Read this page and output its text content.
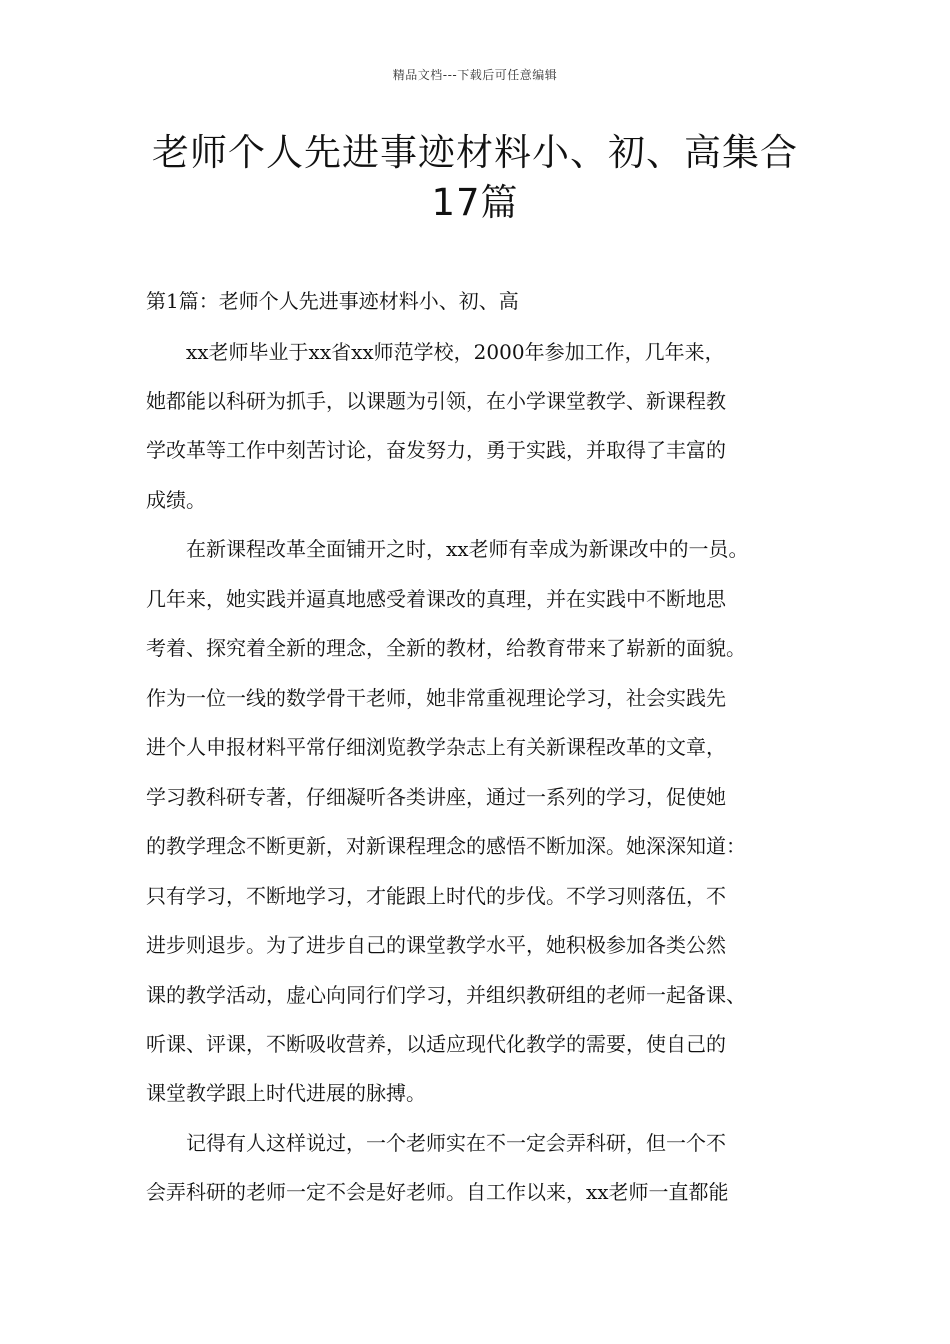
精品文档---下载后可任意编辑
老师个人先进事迹材料小、初、高集合
17篇
第1篇：老师个人先进事迹材料小、初、高
　　xx老师毕业于xx省xx师范学校，2000年参加工作，几年来，
她都能以科研为抓手，以课题为引领，在小学课堂教学、新课程教
学改革等工作中刻苦讨论，奋发努力，勇于实践，并取得了丰富的
成绩。
　　在新课程改革全面铺开之时，xx老师有幸成为新课改中的一员。
几年来，她实践并逼真地感受着课改的真理，并在实践中不断地思
考着、探究着全新的理念，全新的教材，给教育带来了崭新的面貌。
作为一位一线的数学骨干老师，她非常重视理论学习，社会实践先
进个人申报材料平常仔细浏览教学杂志上有关新课程改革的文章，
学习教科研专著，仔细凝听各类讲座，通过一系列的学习，促使她
的教学理念不断更新，对新课程理念的感悟不断加深。她深深知道：
只有学习，不断地学习，才能跟上时代的步伐。不学习则落伍，不
进步则退步。为了进步自己的课堂教学水平，她积极参加各类公然
课的教学活动，虚心向同行们学习，并组织教研组的老师一起备课、
听课、评课，不断吸收营养，以适应现代化教学的需要，使自己的
课堂教学跟上时代进展的脉搏。
　　记得有人这样说过，一个老师实在不一定会弄科研，但一个不
会弄科研的老师一定不会是好老师。自工作以来，xx老师一直都能
